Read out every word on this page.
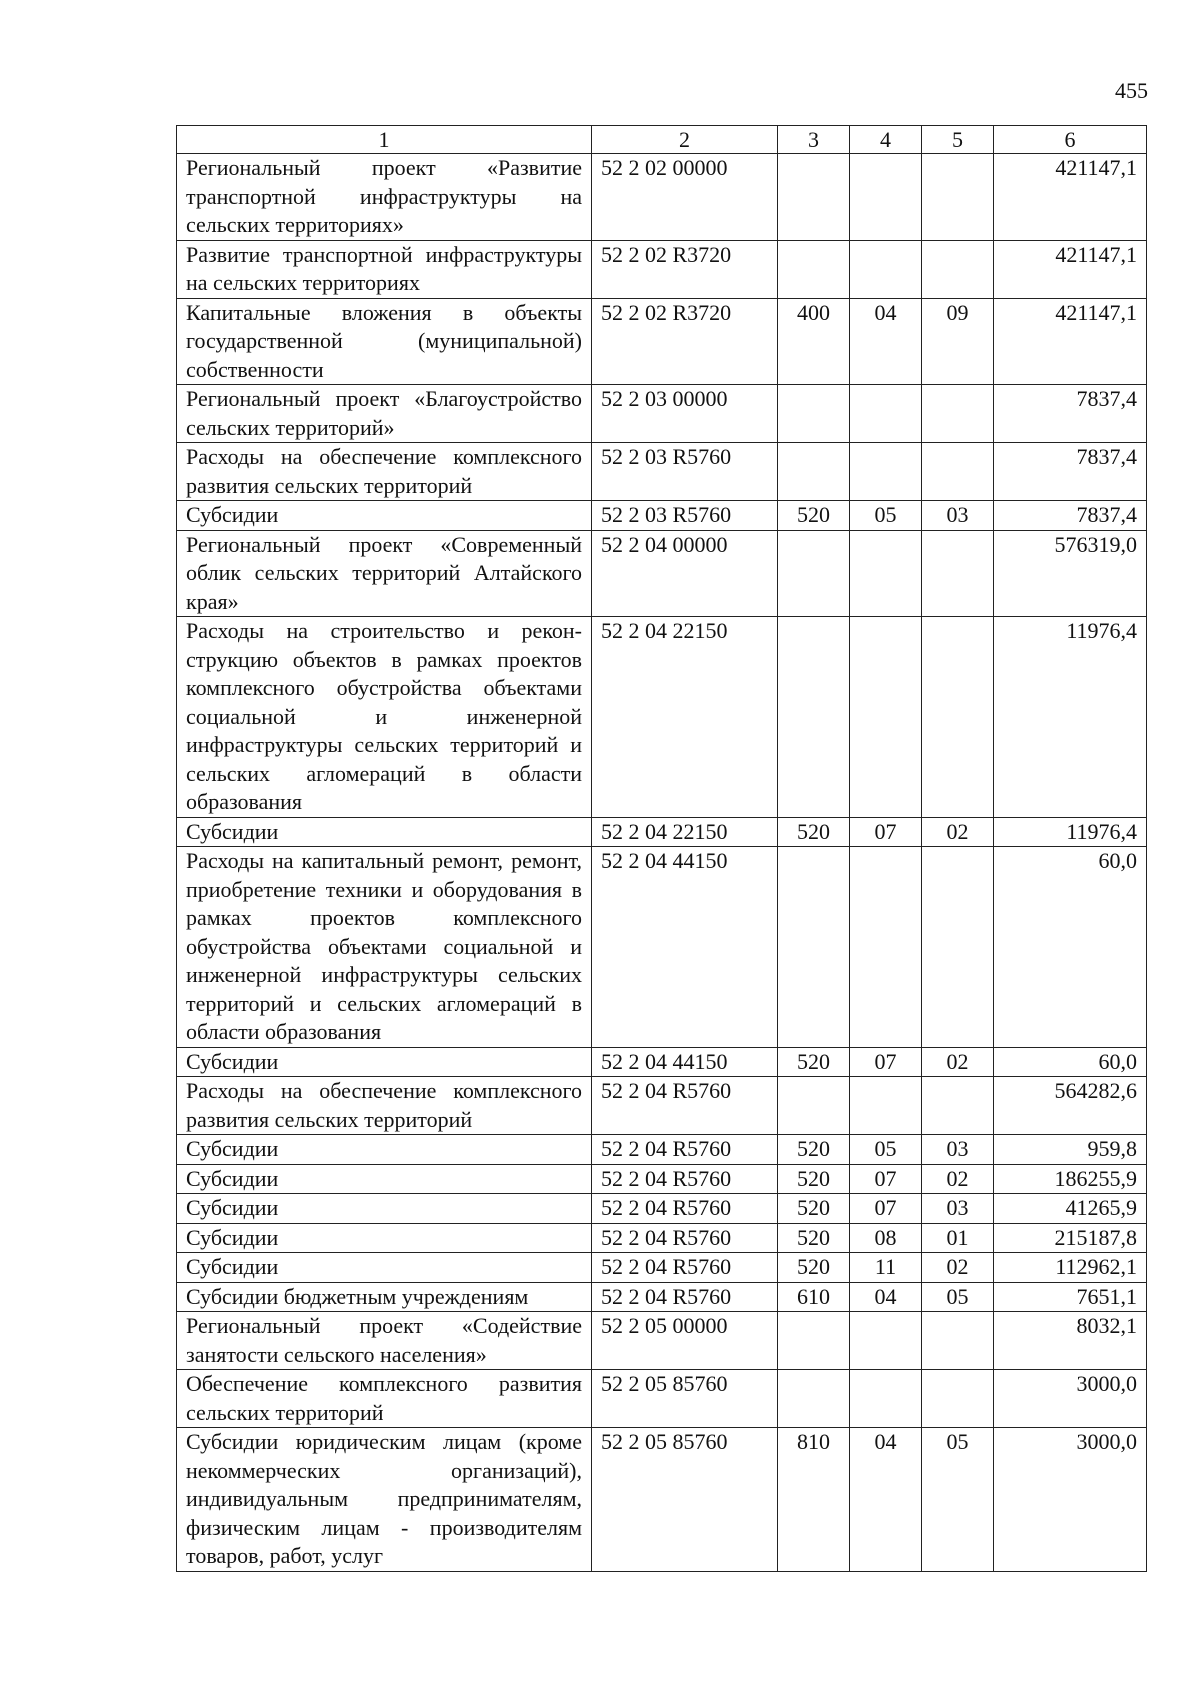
455
1	2	3	4	5	6
Региональный проект «Развитие транспортной инфраструктуры на сельских территориях»	52 2 02 00000				421147,1
Развитие транспортной инфраструктуры на сельских территориях	52 2 02 R3720				421147,1
Капитальные вложения в объекты государственной (муниципальной) собственности	52 2 02 R3720	400	04	09	421147,1
Региональный проект «Благоустройство сельских территорий»	52 2 03 00000				7837,4
Расходы на обеспечение комплексного развития сельских территорий	52 2 03 R5760				7837,4
Субсидии	52 2 03 R5760	520	05	03	7837,4
Региональный проект «Современный облик сельских территорий Алтайского края»	52 2 04 00000				576319,0
Расходы на строительство и реконструкцию объектов в рамках проектов комплексного обустройства объектами социальной и инженерной инфраструктуры сельских территорий и сельских агломераций в области образования	52 2 04 22150				11976,4
Субсидии	52 2 04 22150	520	07	02	11976,4
Расходы на капитальный ремонт, ремонт, приобретение техники и оборудования в рамках проектов комплексного обустройства объектами социальной и инженерной инфраструктуры сельских территорий и сельских агломераций в области образования	52 2 04 44150				60,0
Субсидии	52 2 04 44150	520	07	02	60,0
Расходы на обеспечение комплексного развития сельских территорий	52 2 04 R5760				564282,6
Субсидии	52 2 04 R5760	520	05	03	959,8
Субсидии	52 2 04 R5760	520	07	02	186255,9
Субсидии	52 2 04 R5760	520	07	03	41265,9
Субсидии	52 2 04 R5760	520	08	01	215187,8
Субсидии	52 2 04 R5760	520	11	02	112962,1
Субсидии бюджетным учреждениям	52 2 04 R5760	610	04	05	7651,1
Региональный проект «Содействие занятости сельского населения»	52 2 05 00000				8032,1
Обеспечение комплексного развития сельских территорий	52 2 05 85760				3000,0
Субсидии юридическим лицам (кроме некоммерческих организаций), индивидуальным предпринимателям, физическим лицам - производителям товаров, работ, услуг	52 2 05 85760	810	04	05	3000,0
